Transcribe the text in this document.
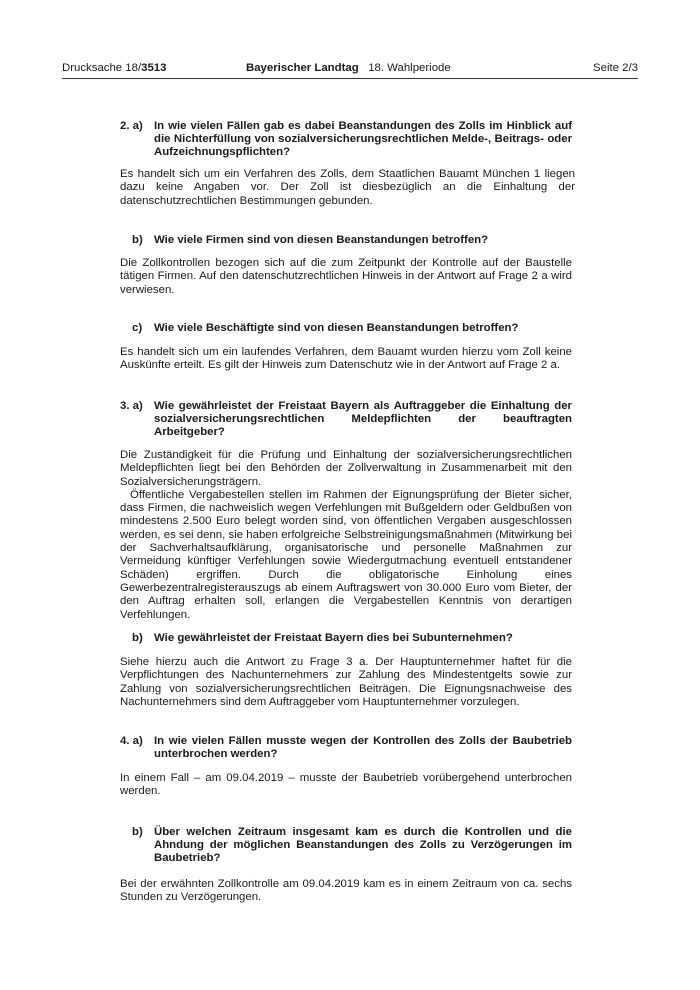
Drucksache 18/3513	Bayerischer Landtag 18. Wahlperiode	Seite 2/3
2. a) In wie vielen Fällen gab es dabei Beanstandungen des Zolls im Hinblick auf die Nichterfüllung von sozialversicherungsrechtlichen Melde-, Beitrags- oder Aufzeichnungspflichten?

Es handelt sich um ein Verfahren des Zolls, dem Staatlichen Bauamt München 1 liegen dazu keine Angaben vor. Der Zoll ist diesbezüglich an die Einhaltung der datenschutzrechtlichen Bestimmungen gebunden.

b) Wie viele Firmen sind von diesen Beanstandungen betroffen?

Die Zollkontrollen bezogen sich auf die zum Zeitpunkt der Kontrolle auf der Baustelle tätigen Firmen. Auf den datenschutzrechtlichen Hinweis in der Antwort auf Frage 2 a wird verwiesen.

c) Wie viele Beschäftigte sind von diesen Beanstandungen betroffen?

Es handelt sich um ein laufendes Verfahren, dem Bauamt wurden hierzu vom Zoll keine Auskünfte erteilt. Es gilt der Hinweis zum Datenschutz wie in der Antwort auf Frage 2 a.

3. a) Wie gewährleistet der Freistaat Bayern als Auftraggeber die Einhaltung der sozialversicherungsrechtlichen Meldepflichten der beauftragten Arbeitgeber?

Die Zuständigkeit für die Prüfung und Einhaltung der sozialversicherungsrechtlichen Meldepflichten liegt bei den Behörden der Zollverwaltung in Zusammenarbeit mit den Sozialversicherungsträgern.

Öffentliche Vergabestellen stellen im Rahmen der Eignungsprüfung der Bieter sicher, dass Firmen, die nachweislich wegen Verfehlungen mit Bußgeldern oder Geldbußen von mindestens 2.500 Euro belegt worden sind, von öffentlichen Vergaben ausgeschlossen werden, es sei denn, sie haben erfolgreiche Selbstreinigungsmaßnahmen (Mitwirkung bei der Sachverhaltsaufklärung, organisatorische und personelle Maßnahmen zur Vermeidung künftiger Verfehlungen sowie Wiedergutmachung eventuell entstandener Schäden) ergriffen. Durch die obligatorische Einholung eines Gewerbezentralregisterauszugs ab einem Auftragswert von 30.000 Euro vom Bieter, der den Auftrag erhalten soll, erlangen die Vergabestellen Kenntnis von derartigen Verfehlungen.

b) Wie gewährleistet der Freistaat Bayern dies bei Subunternehmen?

Siehe hierzu auch die Antwort zu Frage 3 a. Der Hauptunternehmer haftet für die Verpflichtungen des Nachunternehmers zur Zahlung des Mindestentgelts sowie zur Zahlung von sozialversicherungsrechtlichen Beiträgen. Die Eignungsnachweise des Nachunternehmers sind dem Auftraggeber vom Hauptunternehmer vorzulegen.

4. a) In wie vielen Fällen musste wegen der Kontrollen des Zolls der Baubetrieb unterbrochen werden?

In einem Fall – am 09.04.2019 – musste der Baubetrieb vorübergehend unterbrochen werden.

b) Über welchen Zeitraum insgesamt kam es durch die Kontrollen und die Ahndung der möglichen Beanstandungen des Zolls zu Verzögerungen im Baubetrieb?

Bei der erwähnten Zollkontrolle am 09.04.2019 kam es in einem Zeitraum von ca. sechs Stunden zu Verzögerungen.
